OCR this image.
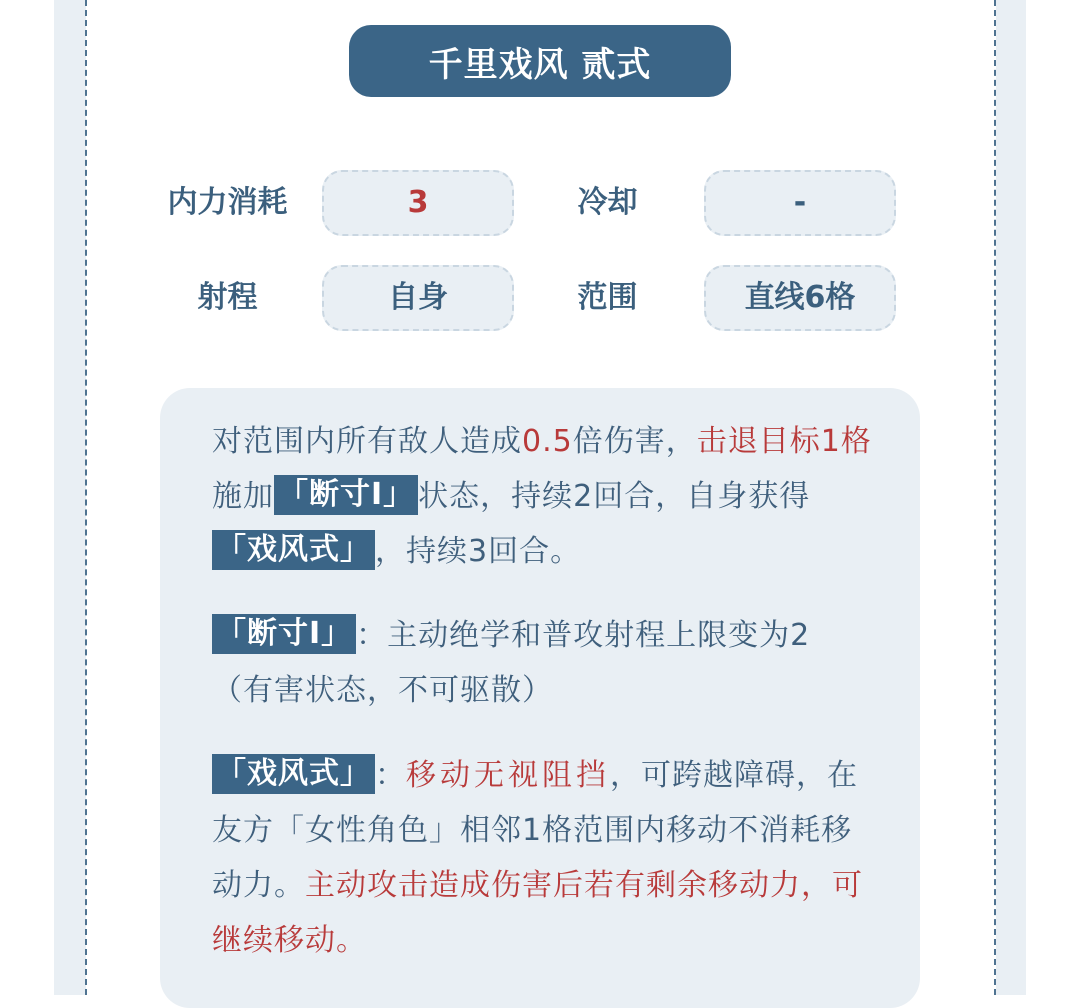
千里戏风 贰式
内力消耗	3	冷却	-
射程	自身	范围	直线6格
对范围内所有敌人造成0.5倍伤害，击退目标1格施加 「断寸Ⅰ」 状态，持续2回合，自身获得「戏风式」 ，持续3回合。
「断寸Ⅰ」 ：主动绝学和普攻射程上限变为2（有害状态，不可驱散）
「戏风式」 ：移动无视阻挡，可跨越障碍，在友方「女性角色」相邻1格范围内移动不消耗移动力。主动攻击造成伤害后若有剩余移动力，可继续移动。
